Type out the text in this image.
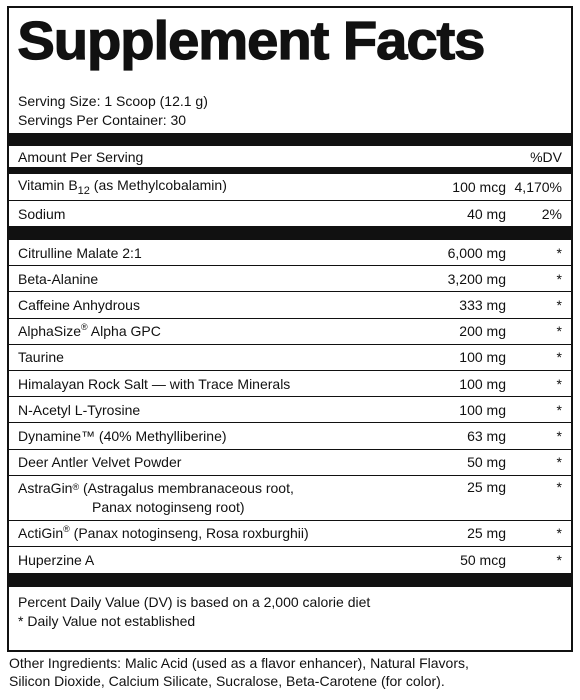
Supplement Facts
Serving Size: 1 Scoop (12.1 g)
Servings Per Container: 30
Amount Per Serving	%DV
Vitamin $B_{12}$ (as Methylcobalamin)	100 mcg 4,170%
Sodium	40 mg	2%
Citrulline Malate 2:1	6,000 mg	*
Beta-Alanine	3,200 mg	*
Caffeine Anhydrous	333 mg	*
AlphaSize® Alpha GPC	200 mg	*
Taurine	100 mg	*
Himalayan Rock Salt — with Trace Minerals	100 mg	*
N-Acetyl L-Tyrosine	100 mg	*
Dynamine™ (40% Methylliberine)	63 mg	*
Deer Antler Velvet Powder	50 mg	*
AstraGin® (Astragalus membranaceous root,
Panax notoginseng root)
25 mg	*
ActiGin® (Panax notoginseng, Rosa roxburghii)	25 mg	*
Huperzine A	50 mcg	*
Percent Daily Value (DV) is based on a 2,000 calorie diet
* Daily Value not established
Other Ingredients: Malic Acid (used as a flavor enhancer), Natural Flavors,
Silicon Dioxide, Calcium Silicate, Sucralose, Beta-Carotene (for color).
